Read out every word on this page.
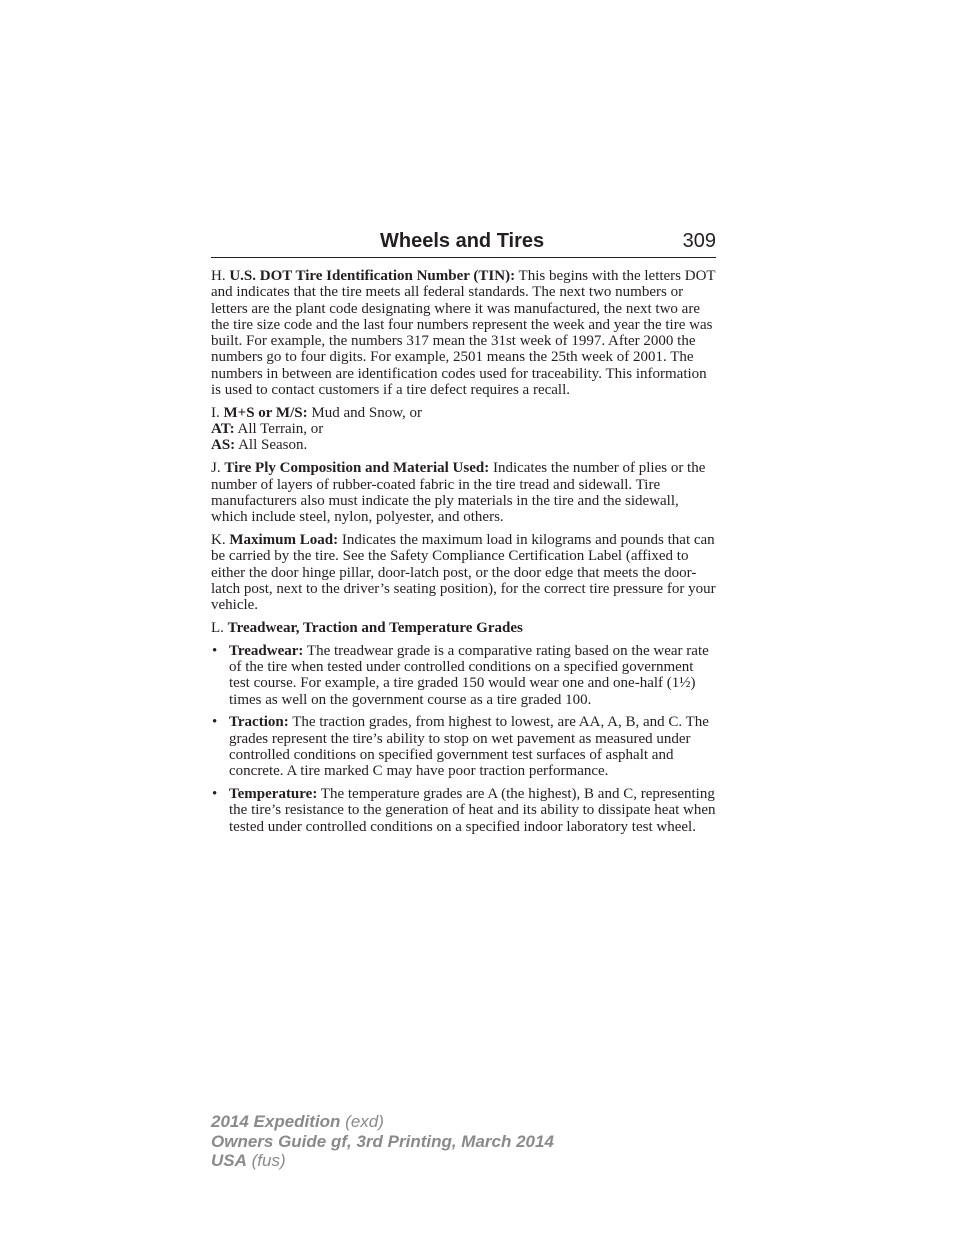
Wheels and Tires	309

H. U.S. DOT Tire Identification Number (TIN): This begins with the letters DOT and indicates that the tire meets all federal standards. The next two numbers or letters are the plant code designating where it was manufactured, the next two are the tire size code and the last four numbers represent the week and year the tire was built. For example, the numbers 317 mean the 31st week of 1997. After 2000 the numbers go to four digits. For example, 2501 means the 25th week of 2001. The numbers in between are identification codes used for traceability. This information is used to contact customers if a tire defect requires a recall.

I. M+S or M/S: Mud and Snow, or
AT: All Terrain, or
AS: All Season.

J. Tire Ply Composition and Material Used: Indicates the number of plies or the number of layers of rubber-coated fabric in the tire tread and sidewall. Tire manufacturers also must indicate the ply materials in the tire and the sidewall, which include steel, nylon, polyester, and others.

K. Maximum Load: Indicates the maximum load in kilograms and pounds that can be carried by the tire. See the Safety Compliance Certification Label (affixed to either the door hinge pillar, door-latch post, or the door edge that meets the door-latch post, next to the driver’s seating position), for the correct tire pressure for your vehicle.

L. Treadwear, Traction and Temperature Grades

• Treadwear: The treadwear grade is a comparative rating based on the wear rate of the tire when tested under controlled conditions on a specified government test course. For example, a tire graded 150 would wear one and one-half (1½) times as well on the government course as a tire graded 100.
• Traction: The traction grades, from highest to lowest, are AA, A, B, and C. The grades represent the tire’s ability to stop on wet pavement as measured under controlled conditions on specified government test surfaces of asphalt and concrete. A tire marked C may have poor traction performance.
• Temperature: The temperature grades are A (the highest), B and C, representing the tire’s resistance to the generation of heat and its ability to dissipate heat when tested under controlled conditions on a specified indoor laboratory test wheel.
2014 Expedition (exd)
Owners Guide gf, 3rd Printing, March 2014
USA (fus)
